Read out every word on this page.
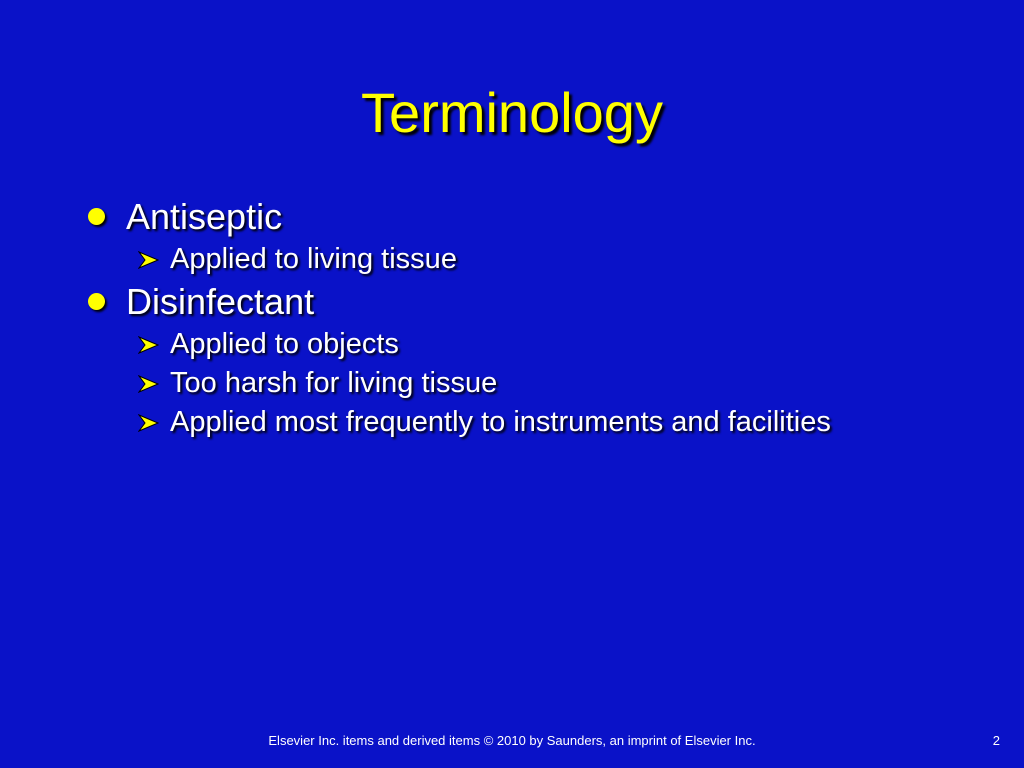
Terminology
Antiseptic
Applied to living tissue
Disinfectant
Applied to objects
Too harsh for living tissue
Applied most frequently to instruments and facilities
Elsevier Inc. items and derived items © 2010 by Saunders, an imprint of Elsevier Inc.	2
